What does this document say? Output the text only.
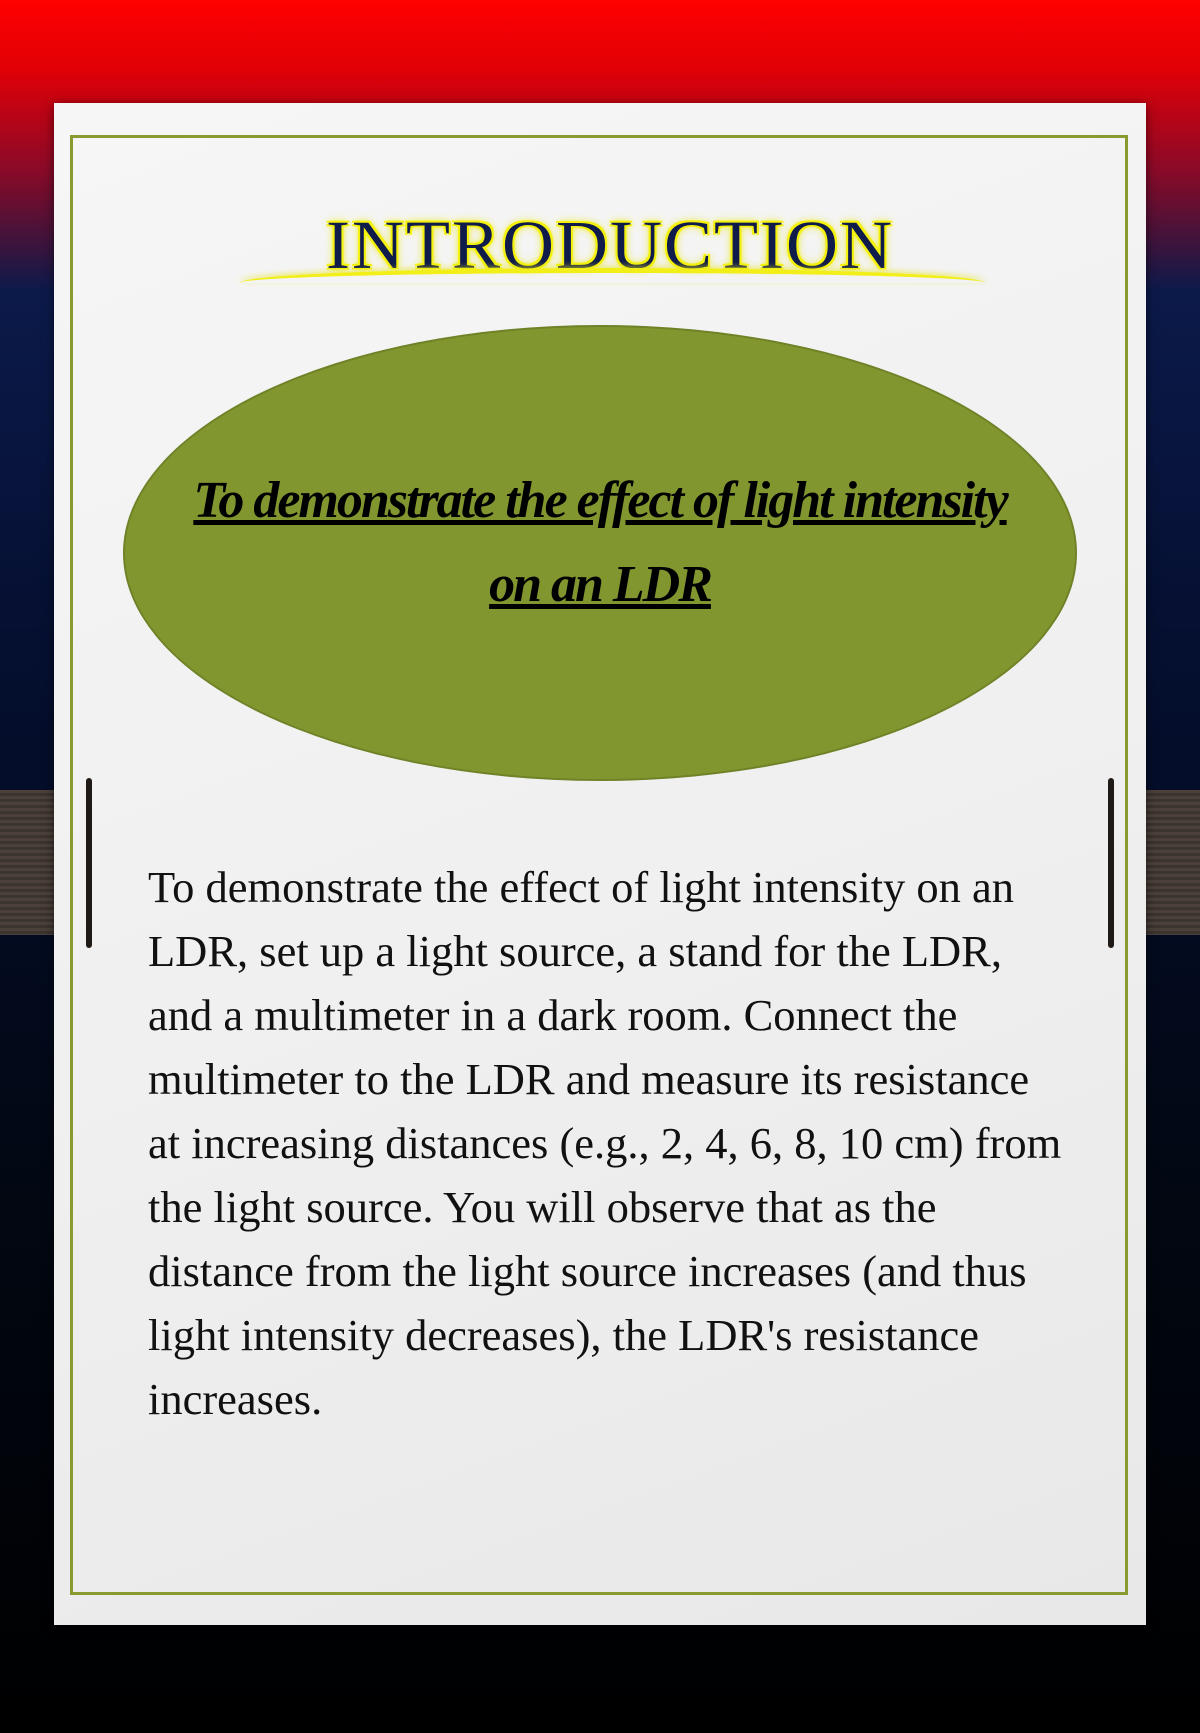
INTRODUCTION
To demonstrate the effect of light intensity
on an LDR
To demonstrate the effect of light intensity on an LDR, set up a light source, a stand for the LDR, and a multimeter in a dark room. Connect the multimeter to the LDR and measure its resistance at increasing distances (e.g., 2, 4, 6, 8, 10 cm) from the light source. You will observe that as the distance from the light source increases (and thus light intensity decreases), the LDR's resistance increases.
